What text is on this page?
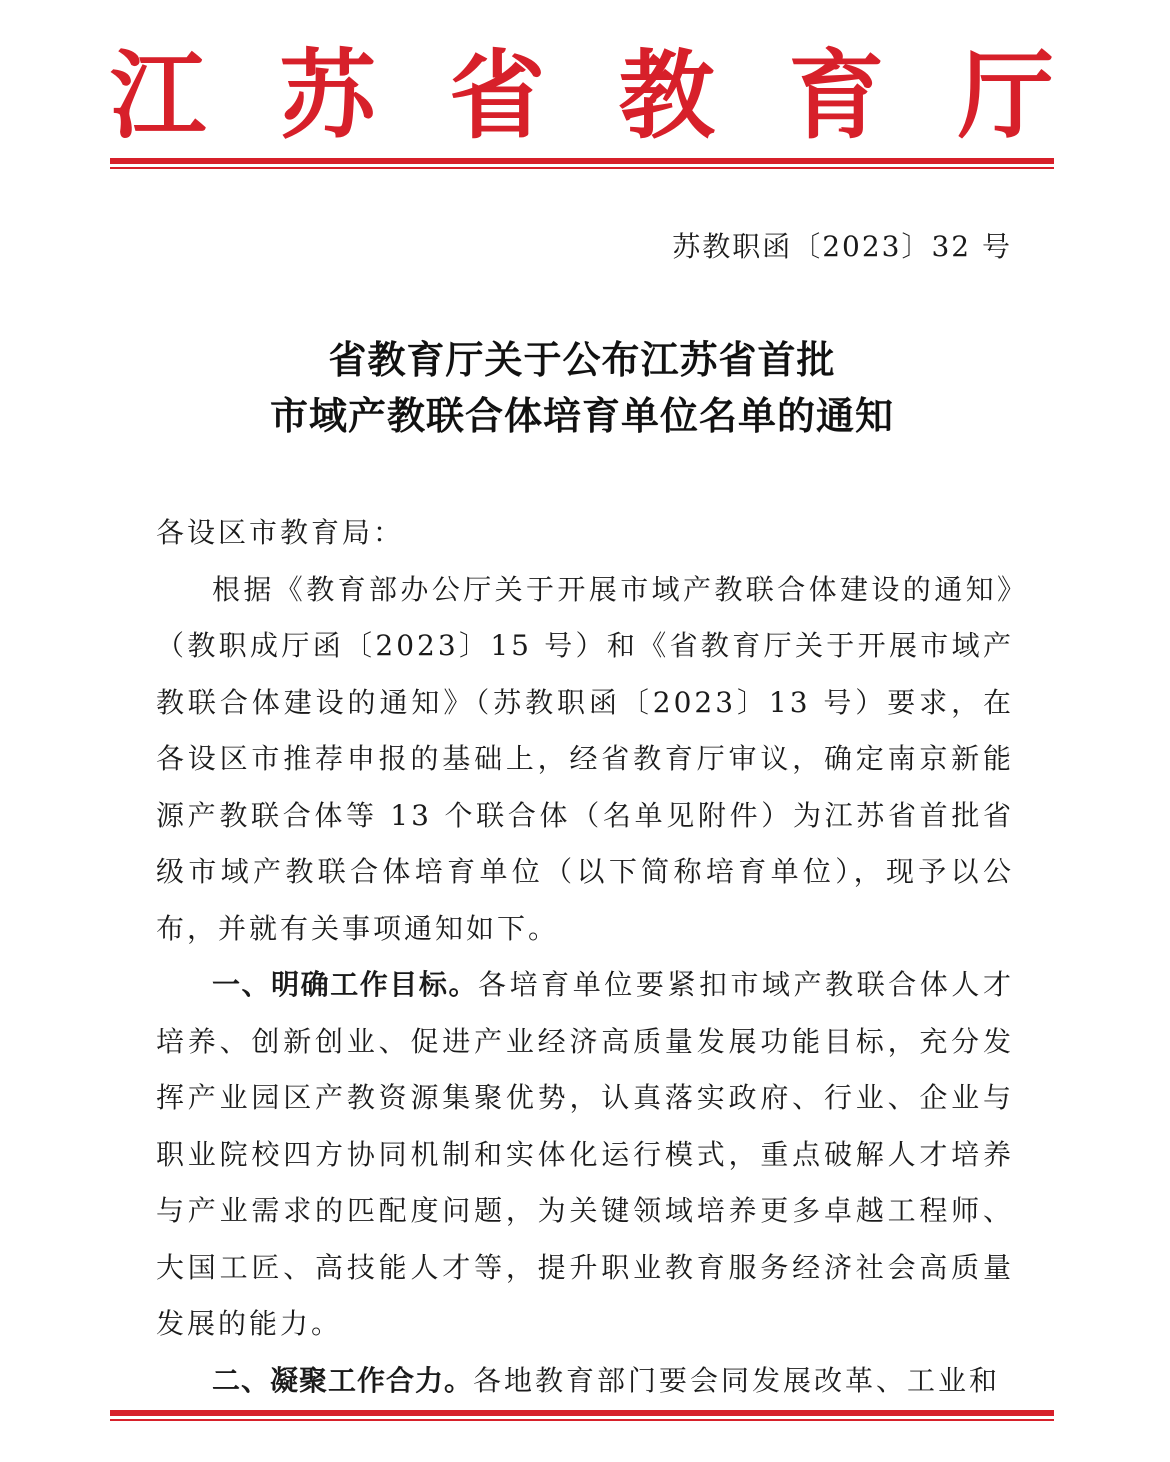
江 苏 省 教 育 厅
苏教职函〔2023〕32 号
省教育厅关于公布江苏省首批
市域产教联合体培育单位名单的通知

各设区市教育局：

根据《教育部办公厅关于开展市域产教联合体建设的通知》（教职成厅函〔2023〕15 号）和《省教育厅关于开展市域产教联合体建设的通知》（苏教职函〔2023〕13 号）要求，在各设区市推荐申报的基础上，经省教育厅审议，确定南京新能源产教联合体等 13 个联合体（名单见附件）为江苏省首批省级市域产教联合体培育单位（以下简称培育单位），现予以公布，并就有关事项通知如下。

一、明确工作目标。各培育单位要紧扣市域产教联合体人才培养、创新创业、促进产业经济高质量发展功能目标，充分发挥产业园区产教资源集聚优势，认真落实政府、行业、企业与职业院校四方协同机制和实体化运行模式，重点破解人才培养与产业需求的匹配度问题，为关键领域培养更多卓越工程师、大国工匠、高技能人才等，提升职业教育服务经济社会高质量发展的能力。

二、凝聚工作合力。各地教育部门要会同发展改革、工业和
